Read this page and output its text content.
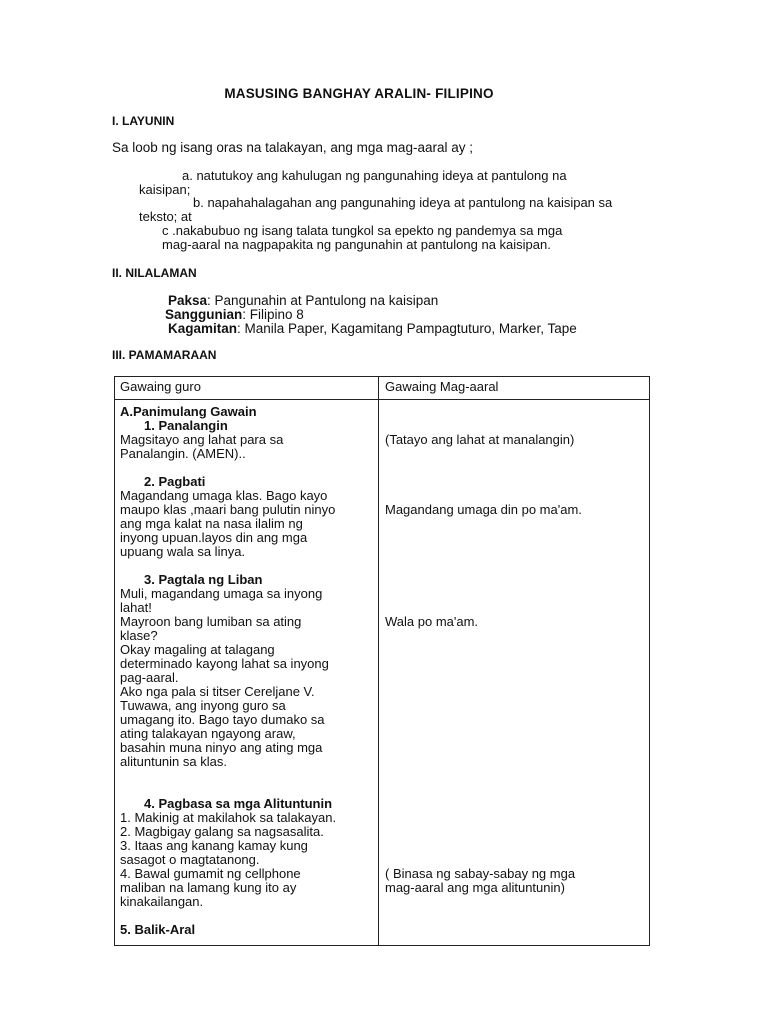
MASUSING BANGHAY ARALIN- FILIPINO
I. LAYUNIN
Sa loob ng isang oras na talakayan, ang mga mag-aaral ay ;
a. natutukoy ang kahulugan ng pangunahing ideya at pantulong na
kaisipan;
b. napahahalagahan ang pangunahing ideya at pantulong na kaisipan sa
teksto; at
c .nakabubuo ng isang talata tungkol sa epekto ng pandemya sa mga
mag-aaral na nagpapakita ng pangunahin at pantulong na kaisipan.
II. NILALAMAN
Paksa: Pangunahin at Pantulong na kaisipan
Sanggunian: Filipino 8
Kagamitan: Manila Paper, Kagamitang Pampagtuturo, Marker, Tape
III. PAMAMARAAN
Gawaing guro	Gawaing Mag-aaral
A.Panimulang Gawain
1. Panalangin
Magsitayo ang lahat para sa
Panalangin. (AMEN)..
(Tatayo ang lahat at manalangin)
2. Pagbati
Magandang umaga klas. Bago kayo
maupo klas ,maari bang pulutin ninyo
ang mga kalat na nasa ilalim ng
inyong upuan.layos din ang mga
upuang wala sa linya.
Magandang umaga din po ma'am.
3. Pagtala ng Liban
Muli, magandang umaga sa inyong
lahat!
Mayroon bang lumiban sa ating
klase?
Okay magaling at talagang
determinado kayong lahat sa inyong
pag-aaral.
Ako nga pala si titser Cereljane V.
Tuwawa, ang inyong guro sa
umagang ito. Bago tayo dumako sa
ating talakayan ngayong araw,
basahin muna ninyo ang ating mga
alituntunin sa klas.
Wala po ma'am.
4. Pagbasa sa mga Alituntunin
1. Makinig at makilahok sa talakayan.
2. Magbigay galang sa nagsasalita.
3. Itaas ang kanang kamay kung
sasagot o magtatanong.
4. Bawal gumamit ng cellphone
maliban na lamang kung ito ay
kinakailangan.
( Binasa ng sabay-sabay ng mga
mag-aaral ang mga alituntunin)
5. Balik-Aral
